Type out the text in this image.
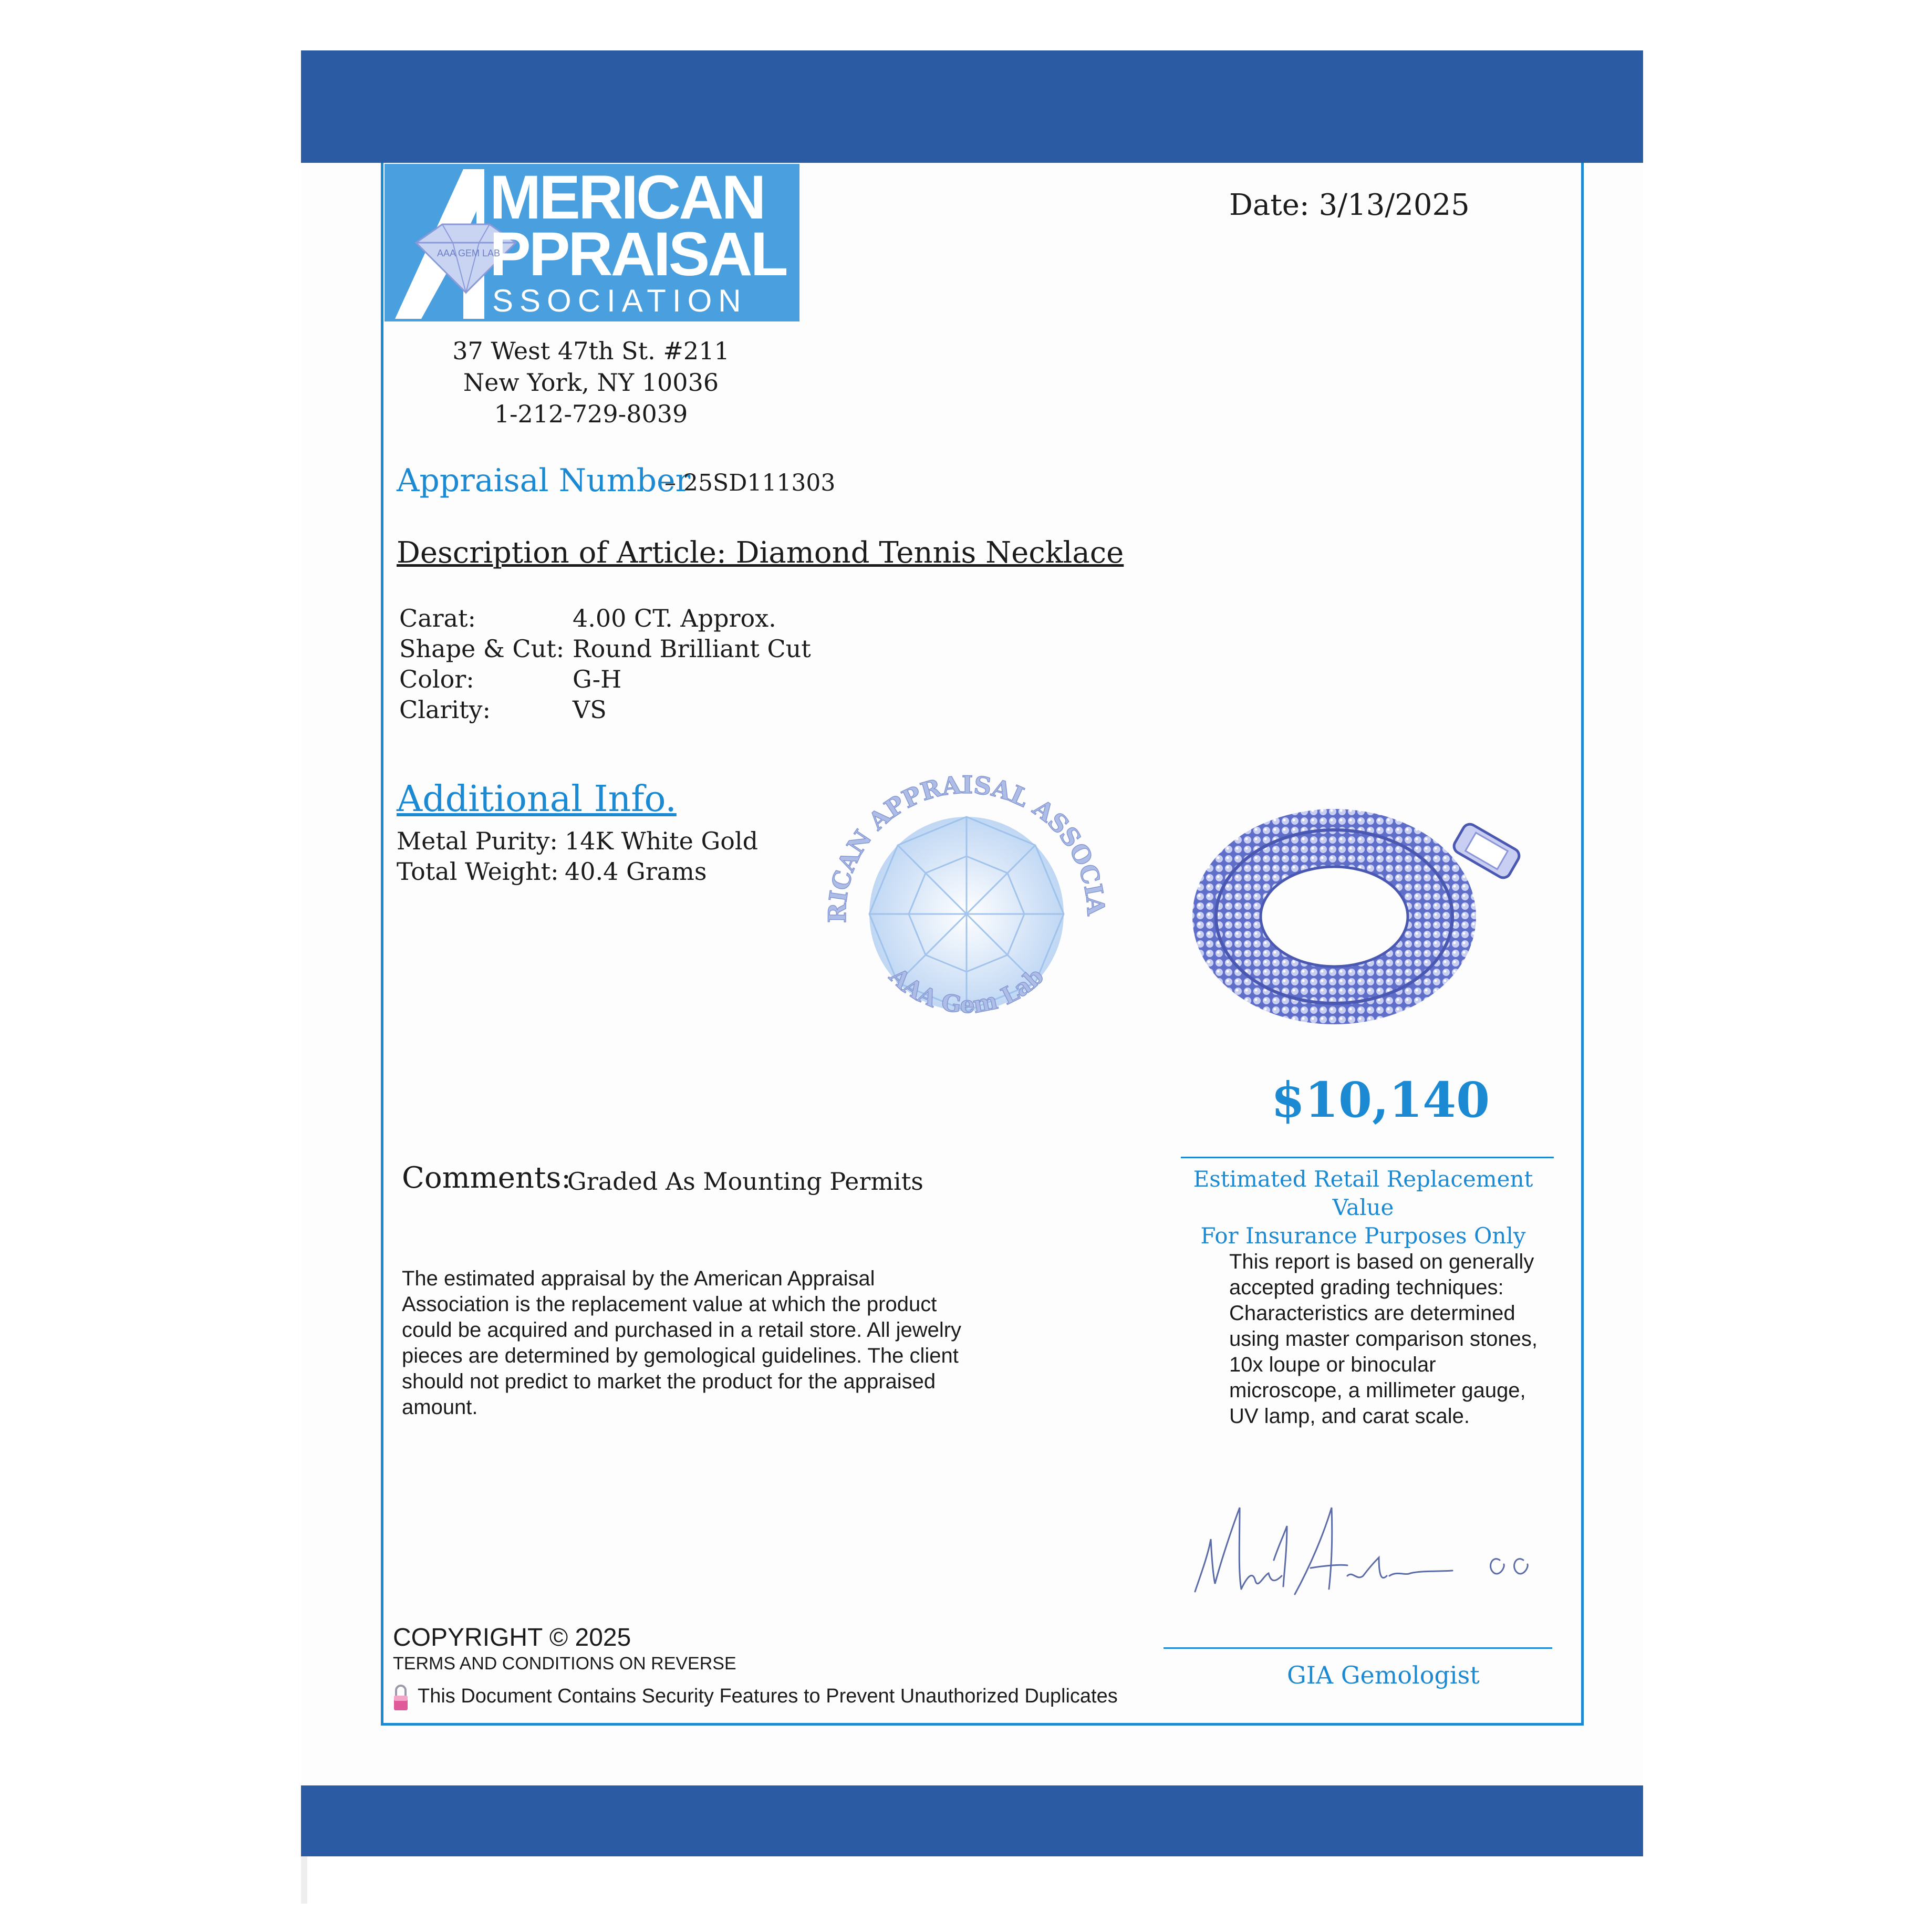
MERICAN
PPRAISAL
SSOCIATION
AAA GEM LAB
37 West 47th St. #211
New York, NY 10036
1-212-729-8039
Date: 3/13/2025
Appraisal Number
– 25SD111303
Description of Article: Diamond Tennis Necklace
Carat:	4.00 CT. Approx.
Shape & Cut: Round Brilliant Cut
Color:	G-H
Clarity:	VS
Additional Info.
Metal Purity: 14K White Gold
Total Weight: 40.4 Grams
RICAN APPRAISAL ASSOCIA
AAA Gem Lab
$10,140
Estimated Retail Replacement Value
For Insurance Purposes Only
Comments:
Graded As Mounting Permits
The estimated appraisal by the American Appraisal Association is the replacement value at which the product could be acquired and purchased in a retail store. All jewelry pieces are determined by gemological guidelines. The client should not predict to market the product for the appraised amount.
This report is based on generally accepted grading techniques: Characteristics are determined using master comparison stones, 10x loupe or binocular microscope, a millimeter gauge, UV lamp, and carat scale.
GIA Gemologist
COPYRIGHT © 2025
TERMS AND CONDITIONS ON REVERSE
This Document Contains Security Features to Prevent Unauthorized Duplicates
